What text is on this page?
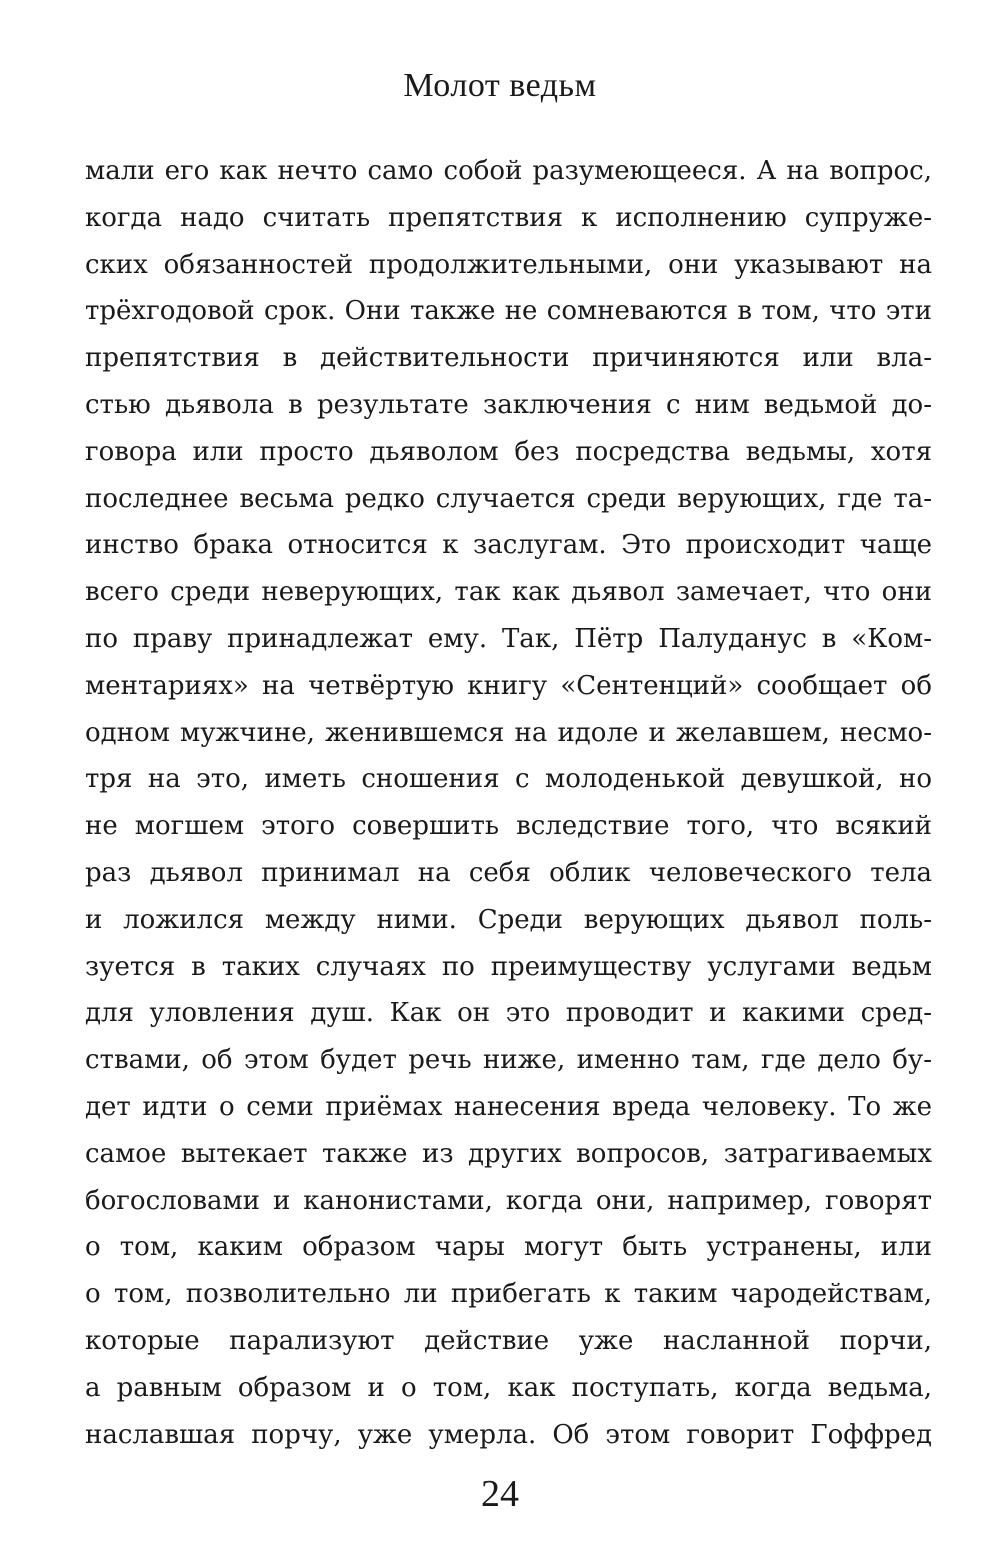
Молот ведьм
мали его как нечто само собой разумеющееся. А на вопрос,
когда надо считать препятствия к исполнению супруже-
ских обязанностей продолжительными, они указывают на
трёхгодовой срок. Они также не сомневаются в том, что эти
препятствия в действительности причиняются или вла-
стью дьявола в результате заключения с ним ведьмой до-
говора или просто дьяволом без посредства ведьмы, хотя
последнее весьма редко случается среди верующих, где та-
инство брака относится к заслугам. Это происходит чаще
всего среди неверующих, так как дьявол замечает, что они
по праву принадлежат ему. Так, Пётр Палуданус в «Ком-
ментариях» на четвёртую книгу «Сентенций» сообщает об
одном мужчине, женившемся на идоле и желавшем, несмо-
тря на это, иметь сношения с молоденькой девушкой, но
не могшем этого совершить вследствие того, что всякий
раз дьявол принимал на себя облик человеческого тела
и ложился между ними. Среди верующих дьявол поль-
зуется в таких случаях по преимуществу услугами ведьм
для уловления душ. Как он это проводит и какими сред-
ствами, об этом будет речь ниже, именно там, где дело бу-
дет идти о семи приёмах нанесения вреда человеку. То же
самое вытекает также из других вопросов, затрагиваемых
богословами и канонистами, когда они, например, говорят
о том, каким образом чары могут быть устранены, или
о том, позволительно ли прибегать к таким чародействам,
которые парализуют действие уже насланной порчи,
а равным образом и о том, как поступать, когда ведьма,
наславшая порчу, уже умерла. Об этом говорит Гоффред
24
